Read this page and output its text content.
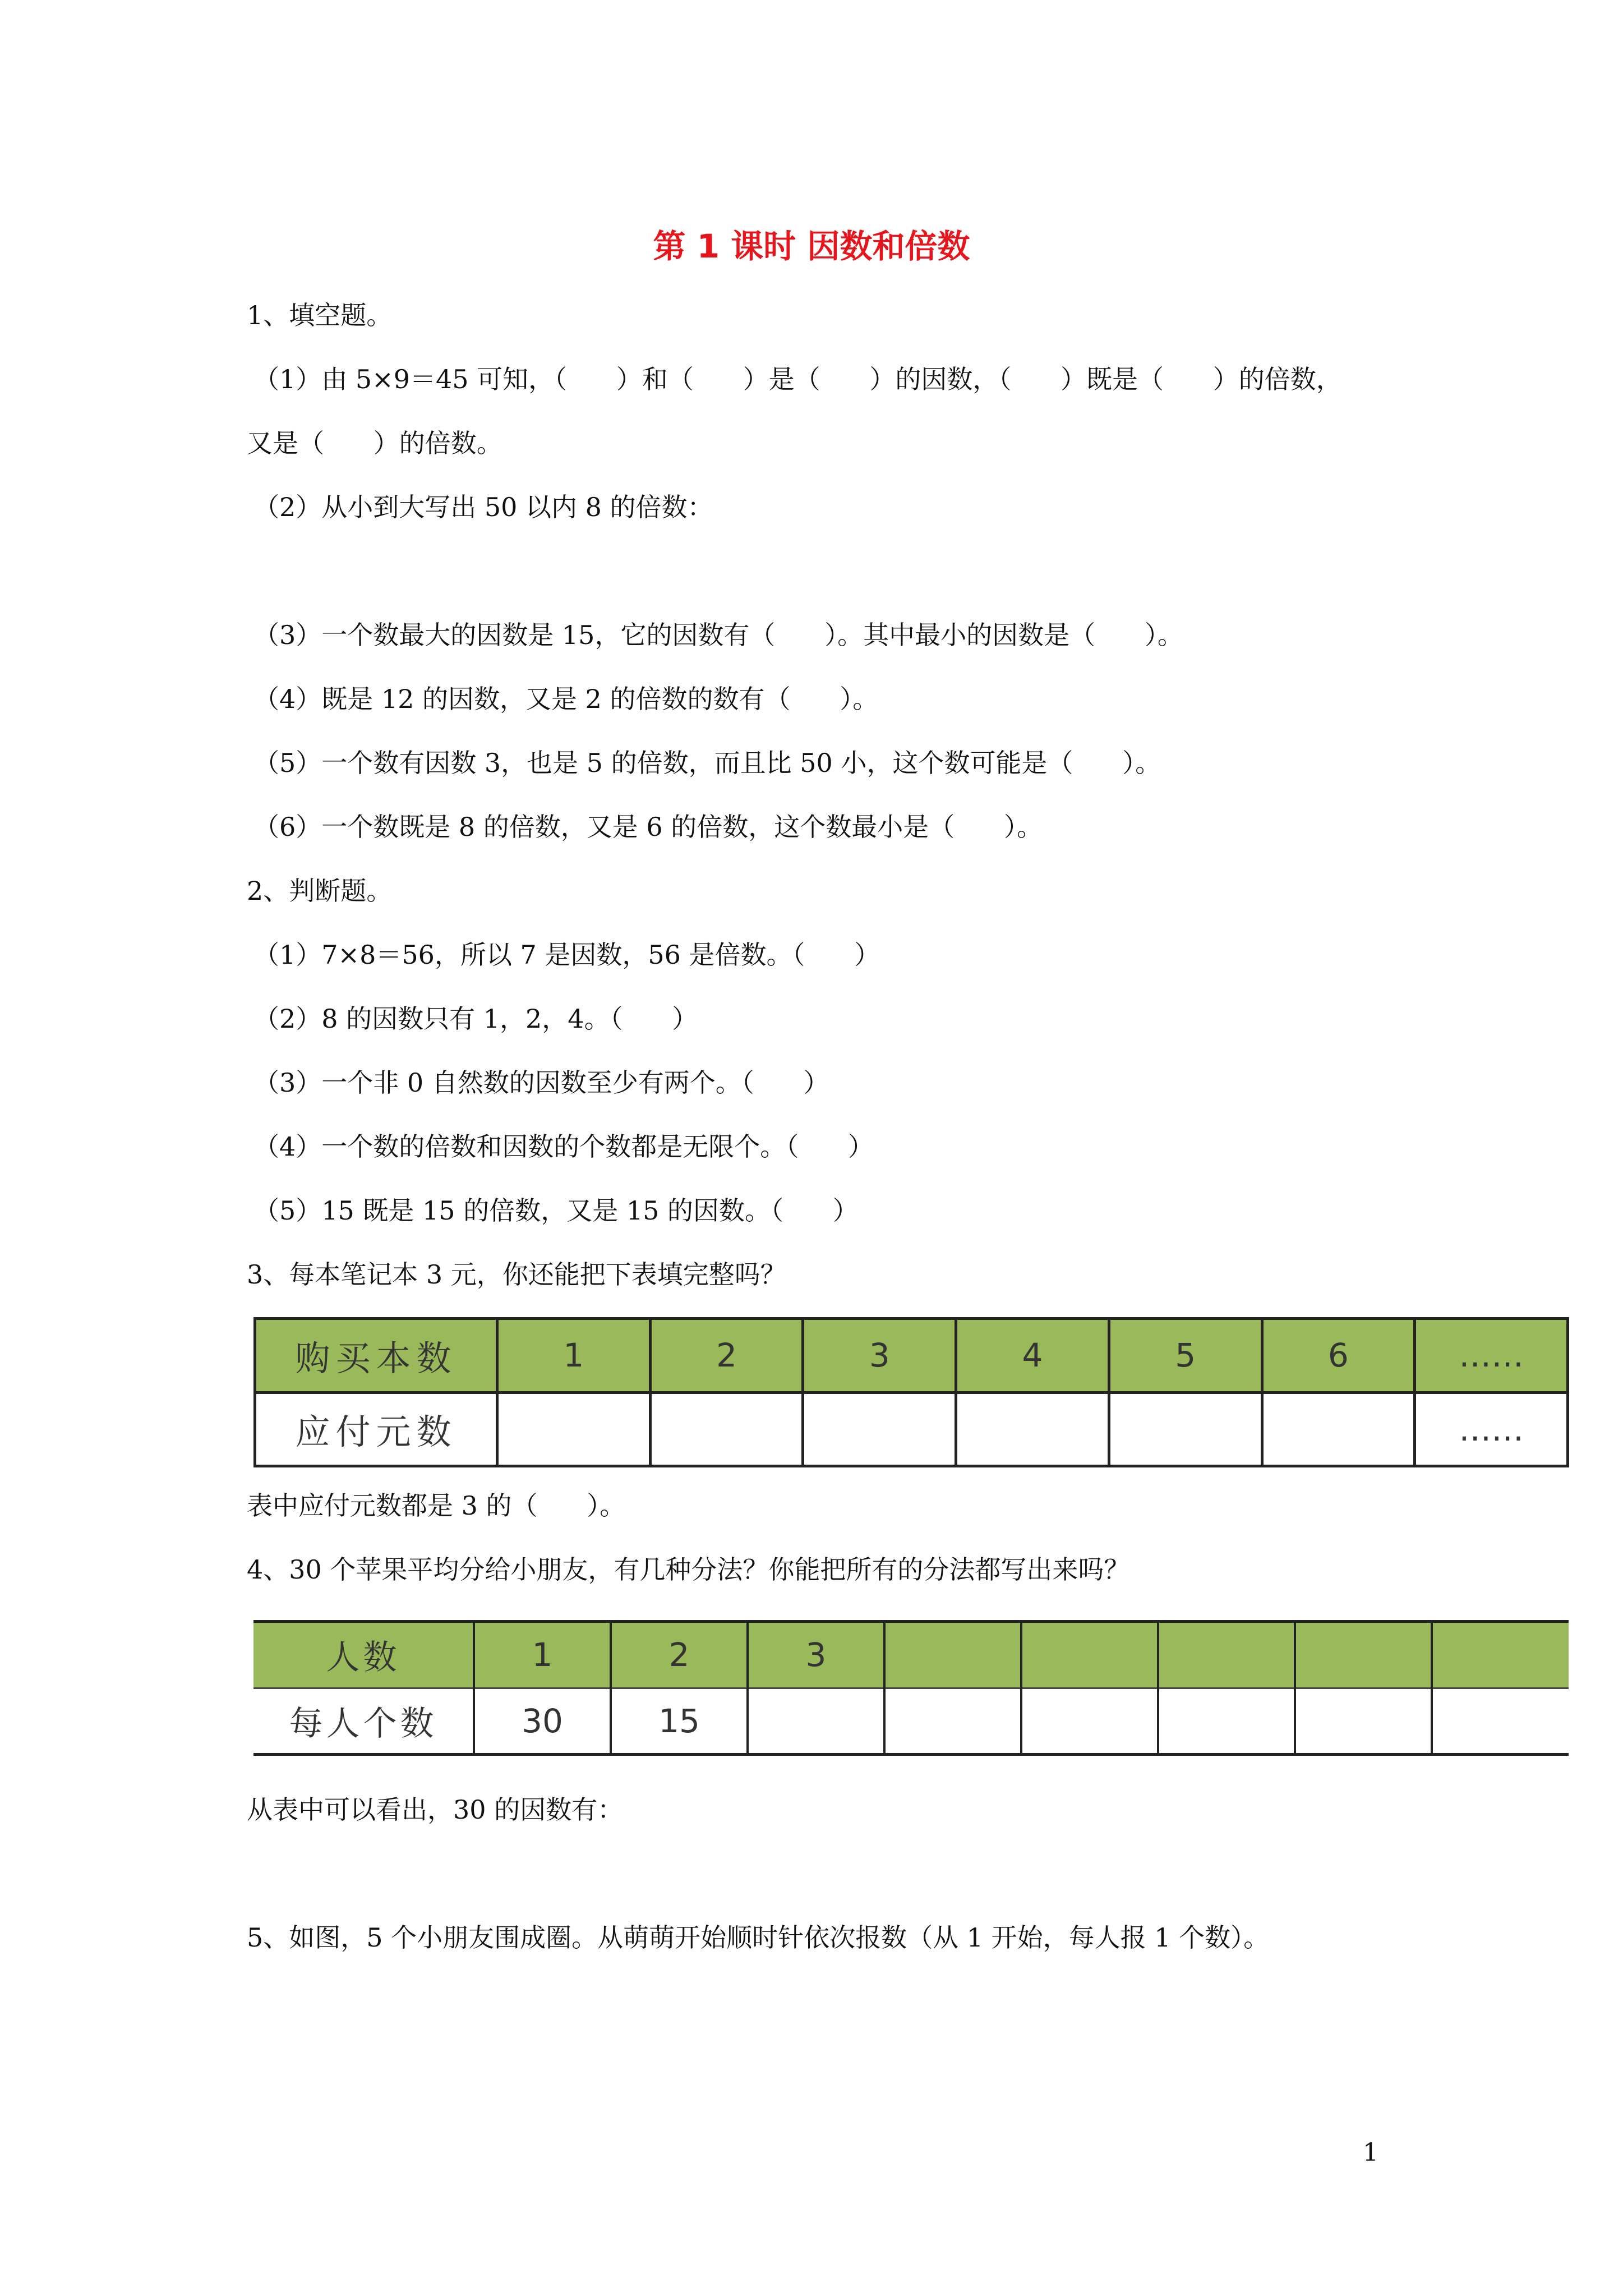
第 1 课时 因数和倍数
1、填空题。
（1）由 5×9＝45 可知，（      ）和（      ）是（      ）的因数，（      ）既是（      ）的倍数，
又是（      ）的倍数。
（2）从小到大写出 50 以内 8 的倍数：
（3）一个数最大的因数是 15，它的因数有（      ）。其中最小的因数是（      ）。
（4）既是 12 的因数，又是 2 的倍数的数有（      ）。
（5）一个数有因数 3，也是 5 的倍数，而且比 50 小，这个数可能是（      ）。
（6）一个数既是 8 的倍数，又是 6 的倍数，这个数最小是（      ）。
2、判断题。
（1）7×8＝56，所以 7 是因数，56 是倍数。（      ）
（2）8 的因数只有 1，2，4。（      ）
（3）一个非 0 自然数的因数至少有两个。（      ）
（4）一个数的倍数和因数的个数都是无限个。（      ）
（5）15 既是 15 的倍数，又是 15 的因数。（      ）
3、每本笔记本 3 元，你还能把下表填完整吗？
购买本数	1	2	3	4	5	6	……
应付元数							……
表中应付元数都是 3 的（      ）。
4、30 个苹果平均分给小朋友，有几种分法？你能把所有的分法都写出来吗？
人数	1	2	3					
每人个数	30	15						
从表中可以看出，30 的因数有：
5、如图，5 个小朋友围成圈。从萌萌开始顺时针依次报数（从 1 开始，每人报 1 个数）。
1
